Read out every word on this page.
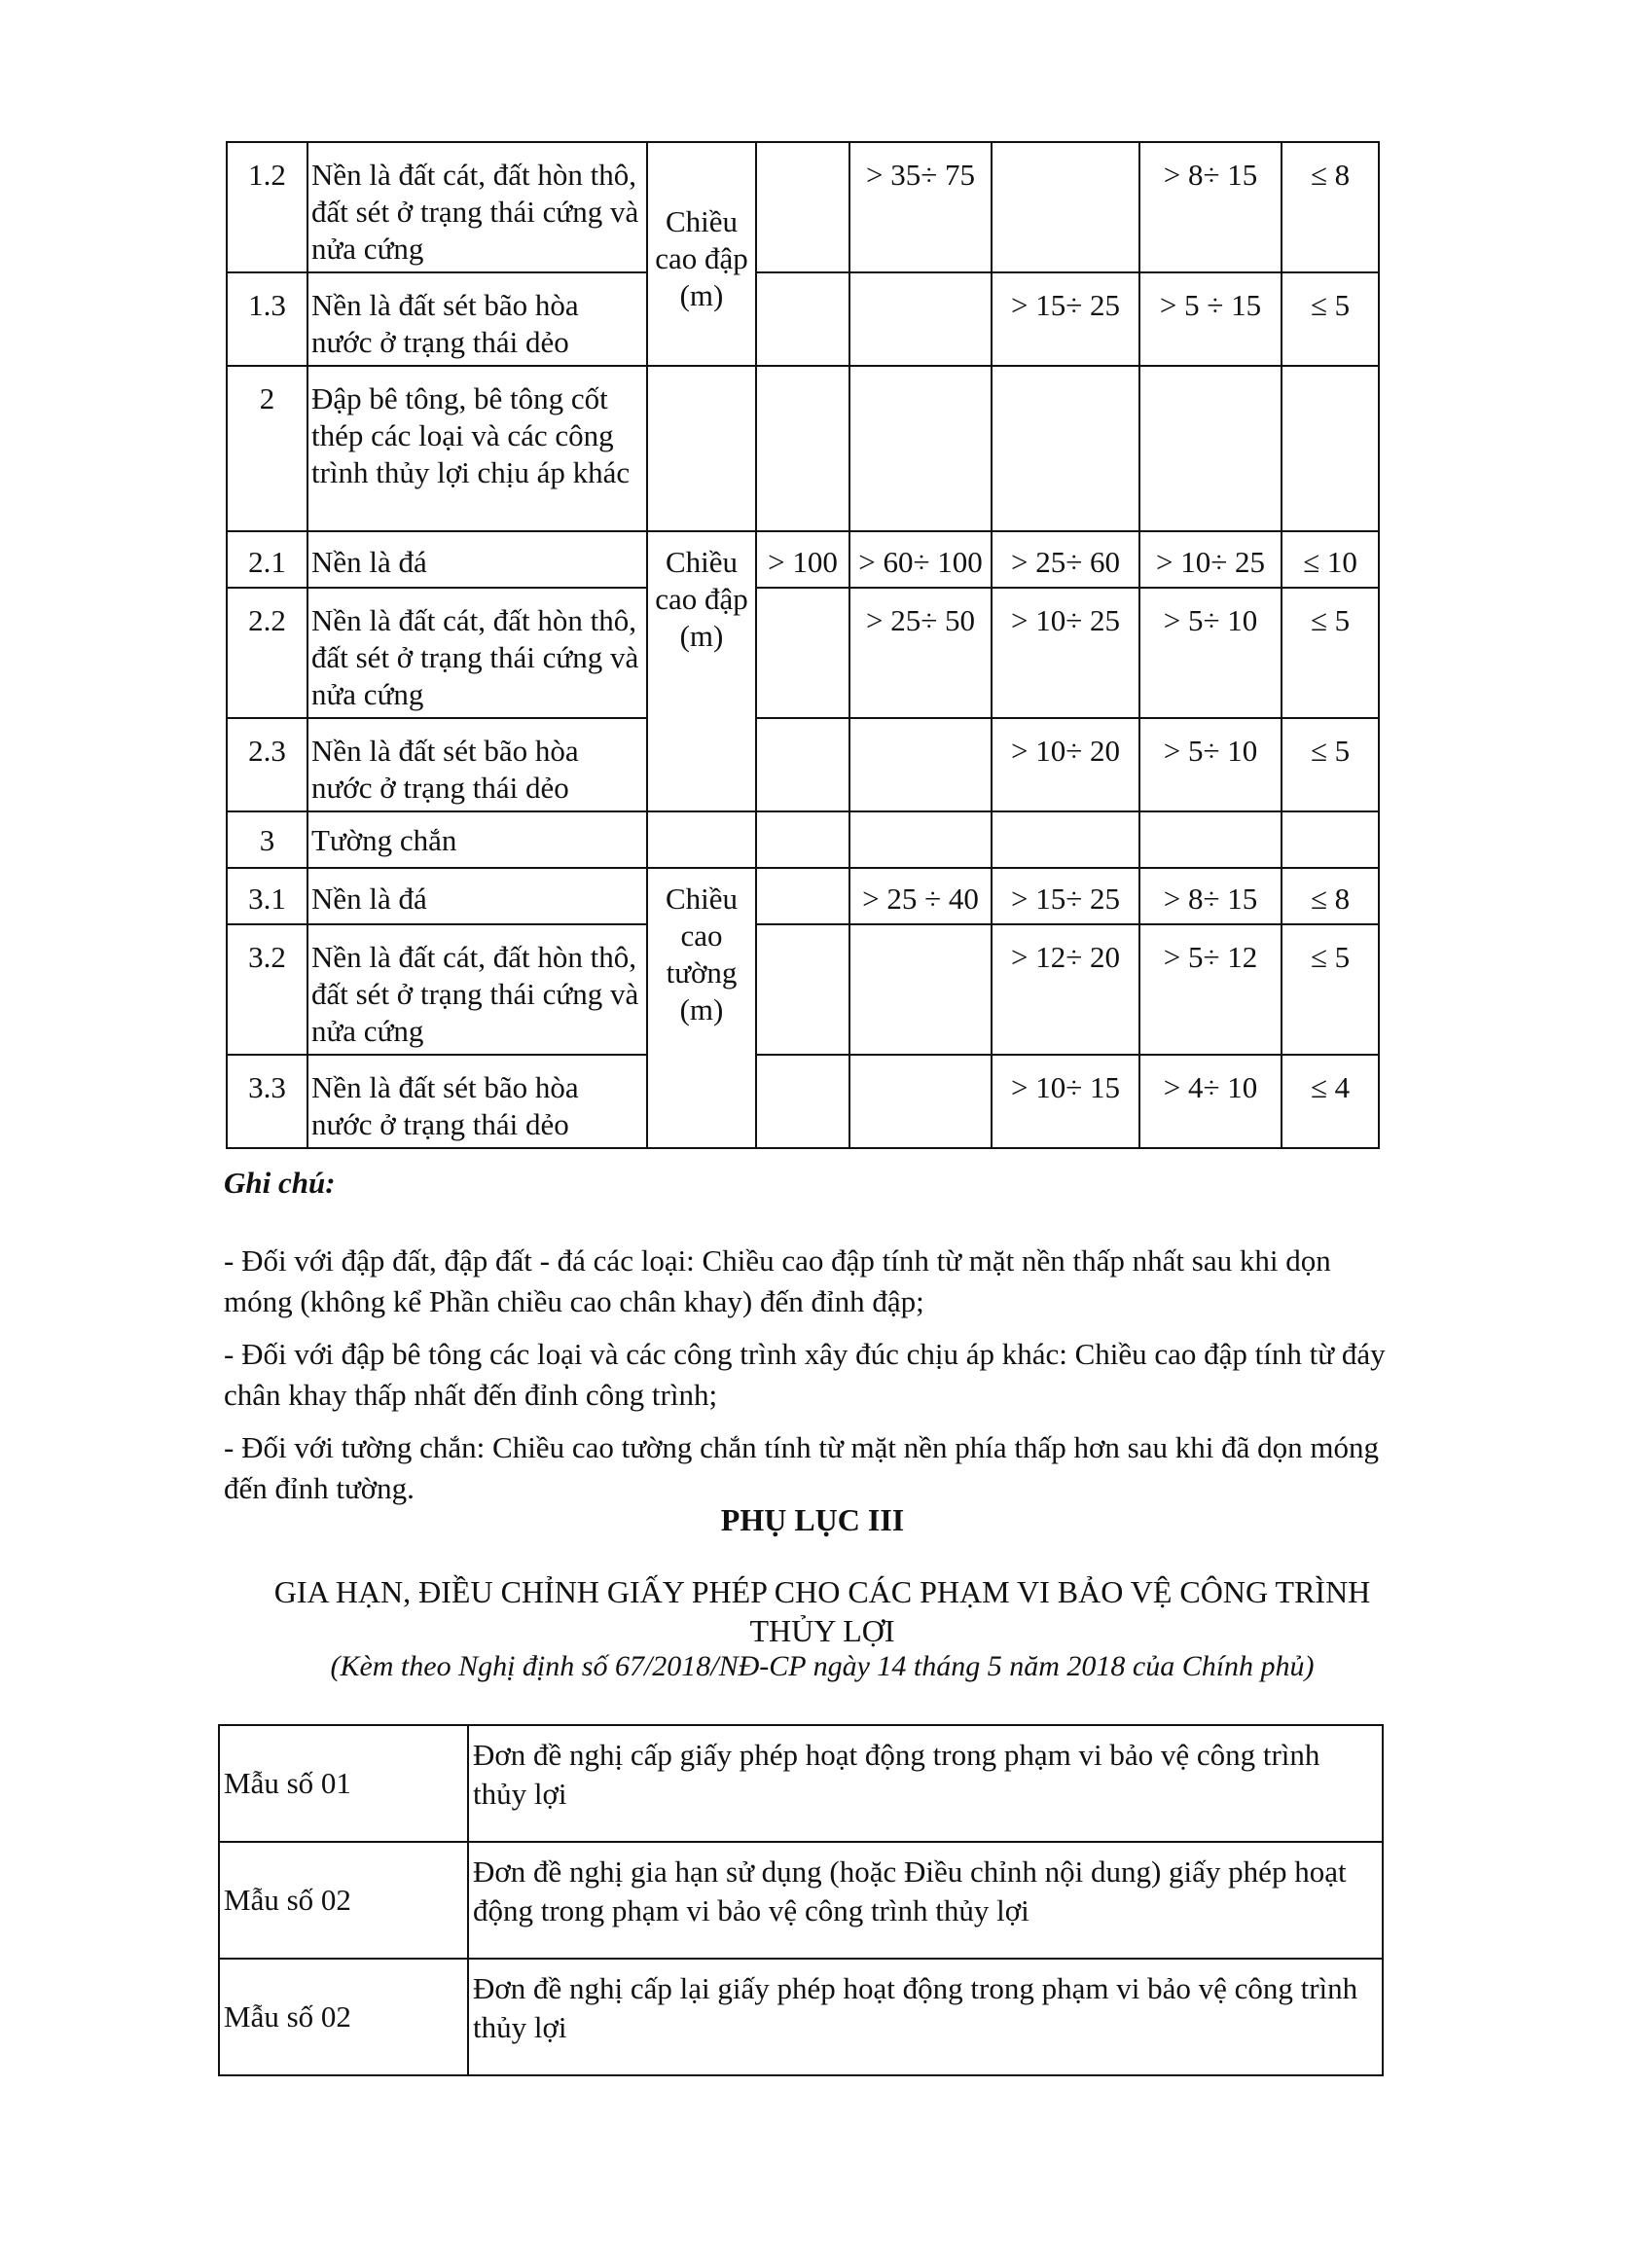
1.2	Nền là đất cát, đất hòn thô, đất sét ở trạng thái cứng và nửa cứng	Chiều cao đập (m)		> 35÷ 75		> 8÷ 15	≤ 8
1.3	Nền là đất sét bão hòa nước ở trạng thái dẻo				> 15÷ 25	> 5 ÷ 15	≤ 5
2	Đập bê tông, bê tông cốt thép các loại và các công trình thủy lợi chịu áp khác						
2.1	Nền là đá	Chiều cao đập (m)	> 100	> 60÷ 100	> 25÷ 60	> 10÷ 25	≤ 10
2.2	Nền là đất cát, đất hòn thô, đất sét ở trạng thái cứng và nửa cứng			> 25÷ 50	> 10÷ 25	> 5÷ 10	≤ 5
2.3	Nền là đất sét bão hòa nước ở trạng thái dẻo				> 10÷ 20	> 5÷ 10	≤ 5
3	Tường chắn						
3.1	Nền là đá	Chiều cao tường (m)		> 25 ÷ 40	> 15÷ 25	> 8÷ 15	≤ 8
3.2	Nền là đất cát, đất hòn thô, đất sét ở trạng thái cứng và nửa cứng				> 12÷ 20	> 5÷ 12	≤ 5
3.3	Nền là đất sét bão hòa nước ở trạng thái dẻo				> 10÷ 15	> 4÷ 10	≤ 4
Ghi chú:

- Đối với đập đất, đập đất - đá các loại: Chiều cao đập tính từ mặt nền thấp nhất sau khi dọn móng (không kể Phần chiều cao chân khay) đến đỉnh đập;

- Đối với đập bê tông các loại và các công trình xây đúc chịu áp khác: Chiều cao đập tính từ đáy chân khay thấp nhất đến đỉnh công trình;

- Đối với tường chắn: Chiều cao tường chắn tính từ mặt nền phía thấp hơn sau khi đã dọn móng đến đỉnh tường.

PHỤ LỤC III
GIA HẠN, ĐIỀU CHỈNH GIẤY PHÉP CHO CÁC PHẠM VI BẢO VỆ CÔNG TRÌNH THỦY LỢI
(Kèm theo Nghị định số 67/2018/NĐ-CP ngày 14 tháng 5 năm 2018 của Chính phủ)
Mẫu số 01	Đơn đề nghị cấp giấy phép hoạt động trong phạm vi bảo vệ công trình thủy lợi
Mẫu số 02	Đơn đề nghị gia hạn sử dụng (hoặc Điều chỉnh nội dung) giấy phép hoạt động trong phạm vi bảo vệ công trình thủy lợi
Mẫu số 02	Đơn đề nghị cấp lại giấy phép hoạt động trong phạm vi bảo vệ công trình thủy lợi
